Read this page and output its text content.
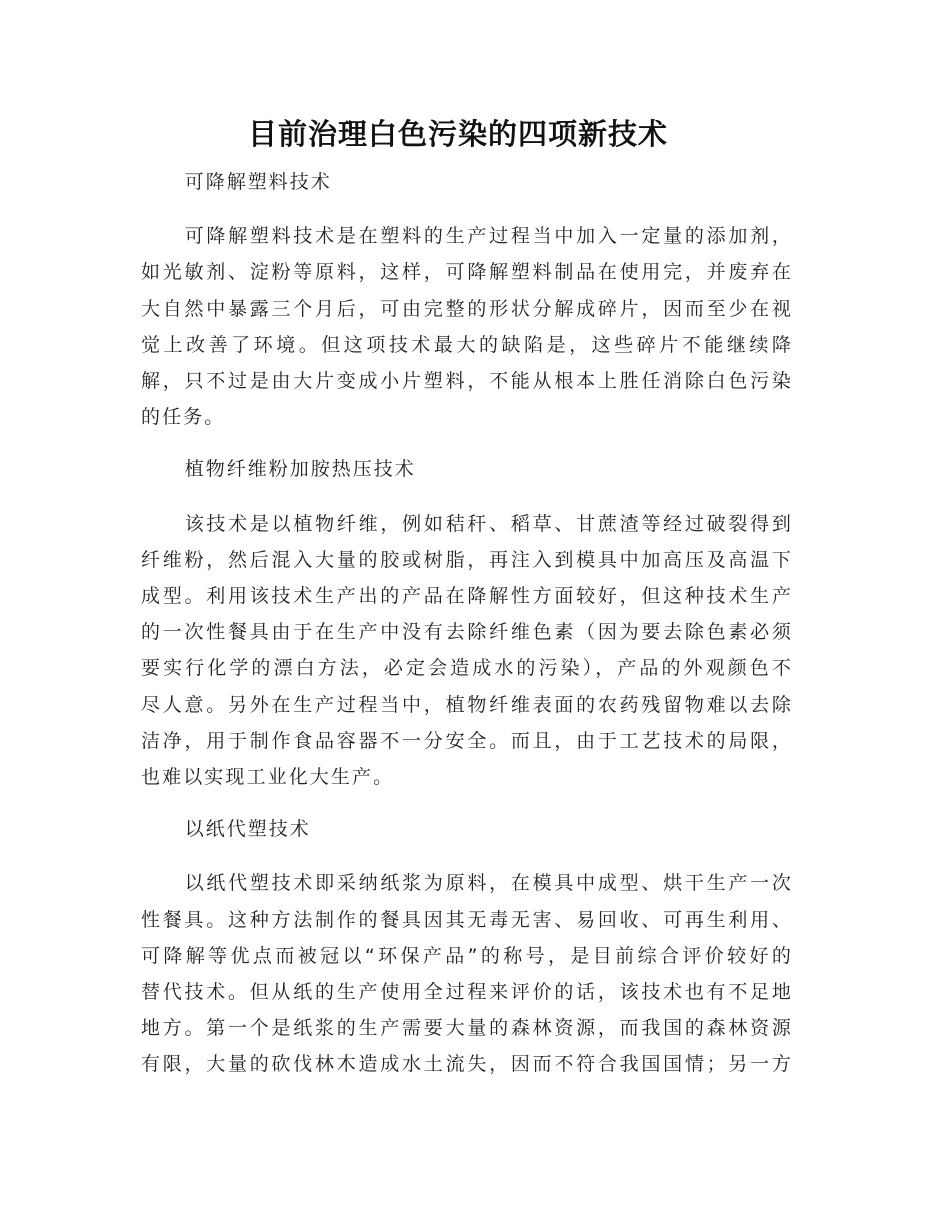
目前治理白色污染的四项新技术
可降解塑料技术
可降解塑料技术是在塑料的生产过程当中加入一定量的添加剂，
如光敏剂、淀粉等原料，这样，可降解塑料制品在使用完，并废弃在
大自然中暴露三个月后，可由完整的形状分解成碎片，因而至少在视
觉上改善了环境。但这项技术最大的缺陷是，这些碎片不能继续降
解，只不过是由大片变成小片塑料，不能从根本上胜任消除白色污染
的任务。
植物纤维粉加胺热压技术
该技术是以植物纤维，例如秸秆、稻草、甘蔗渣等经过破裂得到
纤维粉，然后混入大量的胶或树脂，再注入到模具中加高压及高温下
成型。利用该技术生产出的产品在降解性方面较好，但这种技术生产
的一次性餐具由于在生产中没有去除纤维色素（因为要去除色素必须
要实行化学的漂白方法，必定会造成水的污染），产品的外观颜色不
尽人意。另外在生产过程当中，植物纤维表面的农药残留物难以去除
洁净，用于制作食品容器不一分安全。而且，由于工艺技术的局限，
也难以实现工业化大生产。
以纸代塑技术
以纸代塑技术即采纳纸浆为原料，在模具中成型、烘干生产一次
性餐具。这种方法制作的餐具因其无毒无害、易回收、可再生利用、
可降解等优点而被冠以“环保产品”的称号，是目前综合评价较好的
替代技术。但从纸的生产使用全过程来评价的话，该技术也有不足地
地方。第一个是纸浆的生产需要大量的森林资源，而我国的森林资源
有限，大量的砍伐林木造成水土流失，因而不符合我国国情；另一方
